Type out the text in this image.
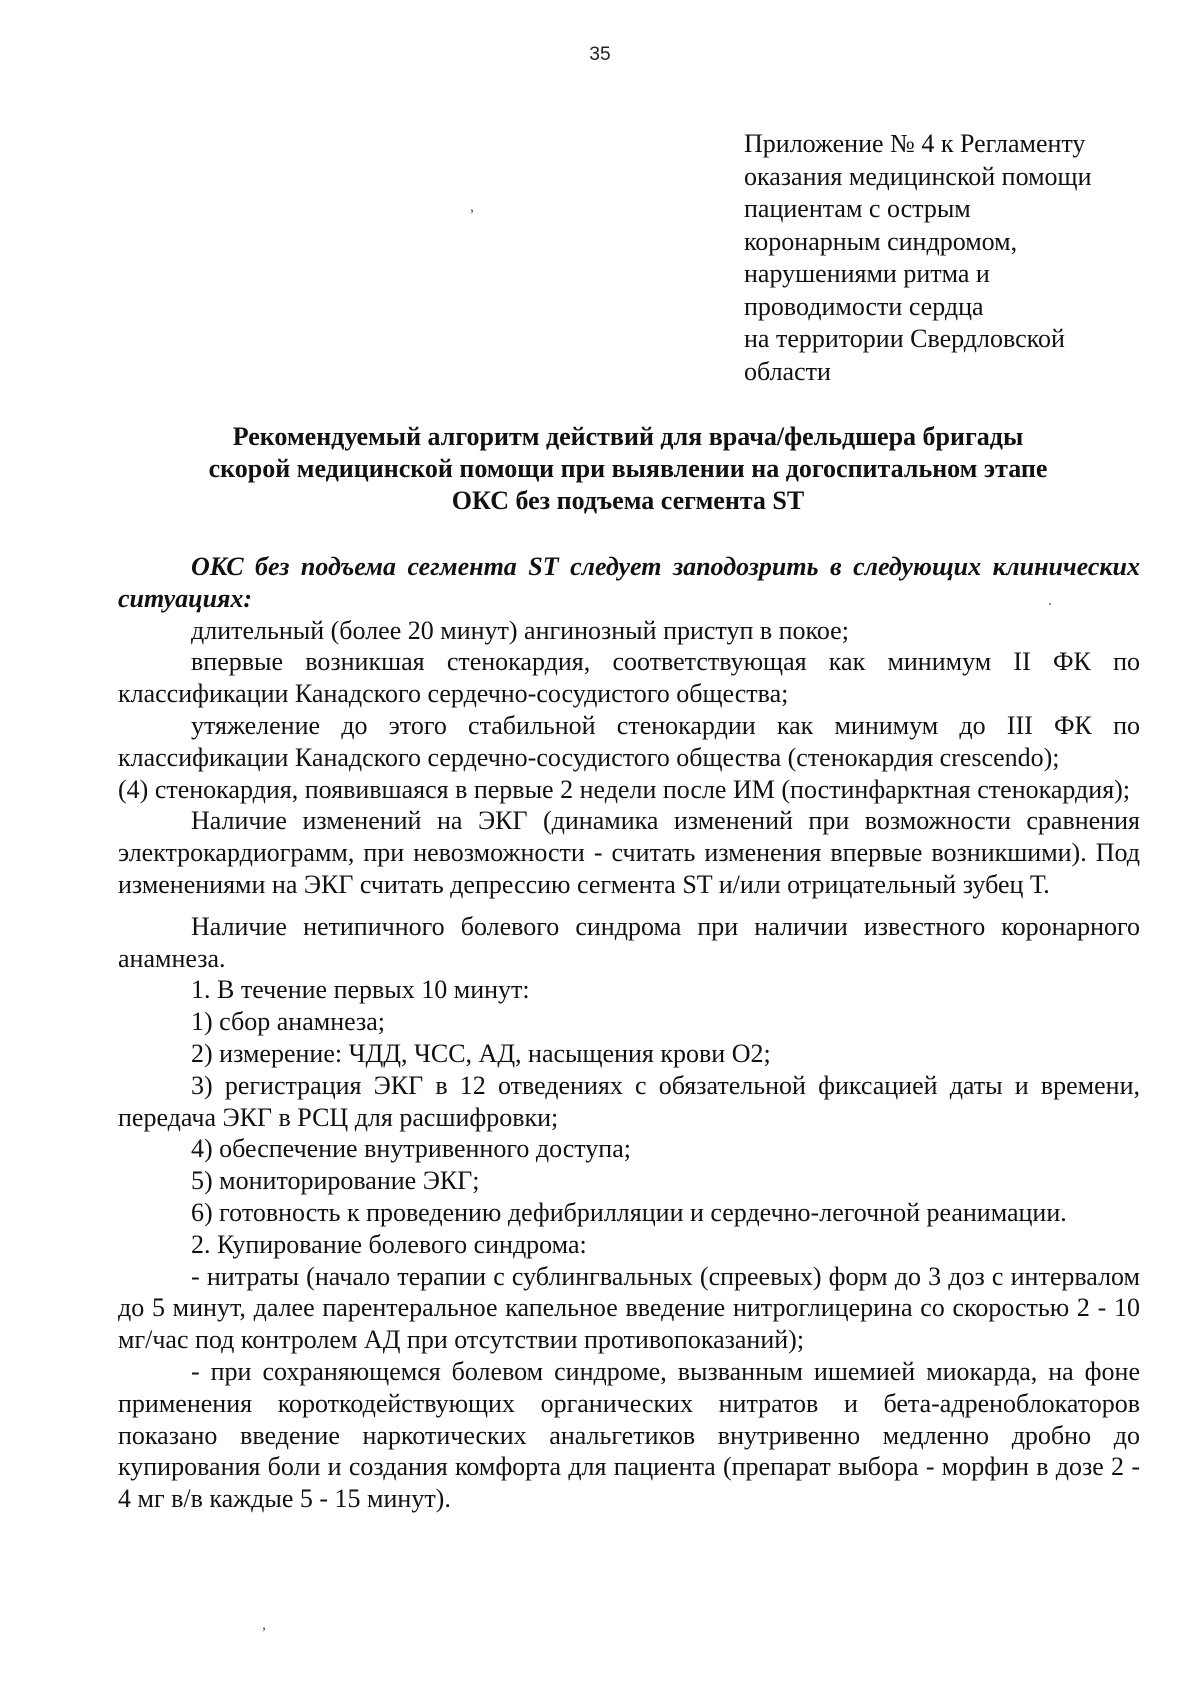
35
Приложение № 4 к Регламенту
оказания медицинской помощи
пациентам с острым
коронарным синдромом,
нарушениями ритма и
проводимости сердца
на территории Свердловской
области
Рекомендуемый алгоритм действий для врача/фельдшера бригады
скорой медицинской помощи при выявлении на догоспитальном этапе
ОКС без подъема сегмента ST

ОКС без подъема сегмента ST следует заподозрить в следующих клинических ситуациях:

длительный (более 20 минут) ангинозный приступ в покое;

впервые возникшая стенокардия, соответствующая как минимум II ФК по классификации Канадского сердечно-сосудистого общества;

утяжеление до этого стабильной стенокардии как минимум до III ФК по классификации Канадского сердечно-сосудистого общества (стенокардия crescendo);

(4) стенокардия, появившаяся в первые 2 недели после ИМ (постинфарктная стенокардия);

Наличие изменений на ЭКГ (динамика изменений при возможности сравнения электрокардиограмм, при невозможности - считать изменения впервые возникшими). Под изменениями на ЭКГ считать депрессию сегмента ST и/или отрицательный зубец Т.

Наличие нетипичного болевого синдрома при наличии известного коронарного анамнеза.

1. В течение первых 10 минут:

1) сбор анамнеза;

2) измерение: ЧДД, ЧСС, АД, насыщения крови О2;

3) регистрация ЭКГ в 12 отведениях с обязательной фиксацией даты и времени, передача ЭКГ в РСЦ для расшифровки;

4) обеспечение внутривенного доступа;

5) мониторирование ЭКГ;

6) готовность к проведению дефибрилляции и сердечно-легочной реанимации.

2. Купирование болевого синдрома:

- нитраты (начало терапии с сублингвальных (спреевых) форм до 3 доз с интервалом до 5 минут, далее парентеральное капельное введение нитроглицерина со скоростью 2 - 10 мг/час под контролем АД при отсутствии противопоказаний);

- при сохраняющемся болевом синдроме, вызванным ишемией миокарда, на фоне применения короткодействующих органических нитратов и бета-адреноблокаторов показано введение наркотических анальгетиков внутривенно медленно дробно до купирования боли и создания комфорта для пациента (препарат выбора - морфин в дозе 2 - 4 мг в/в каждые 5 - 15 минут).

,
.
,
